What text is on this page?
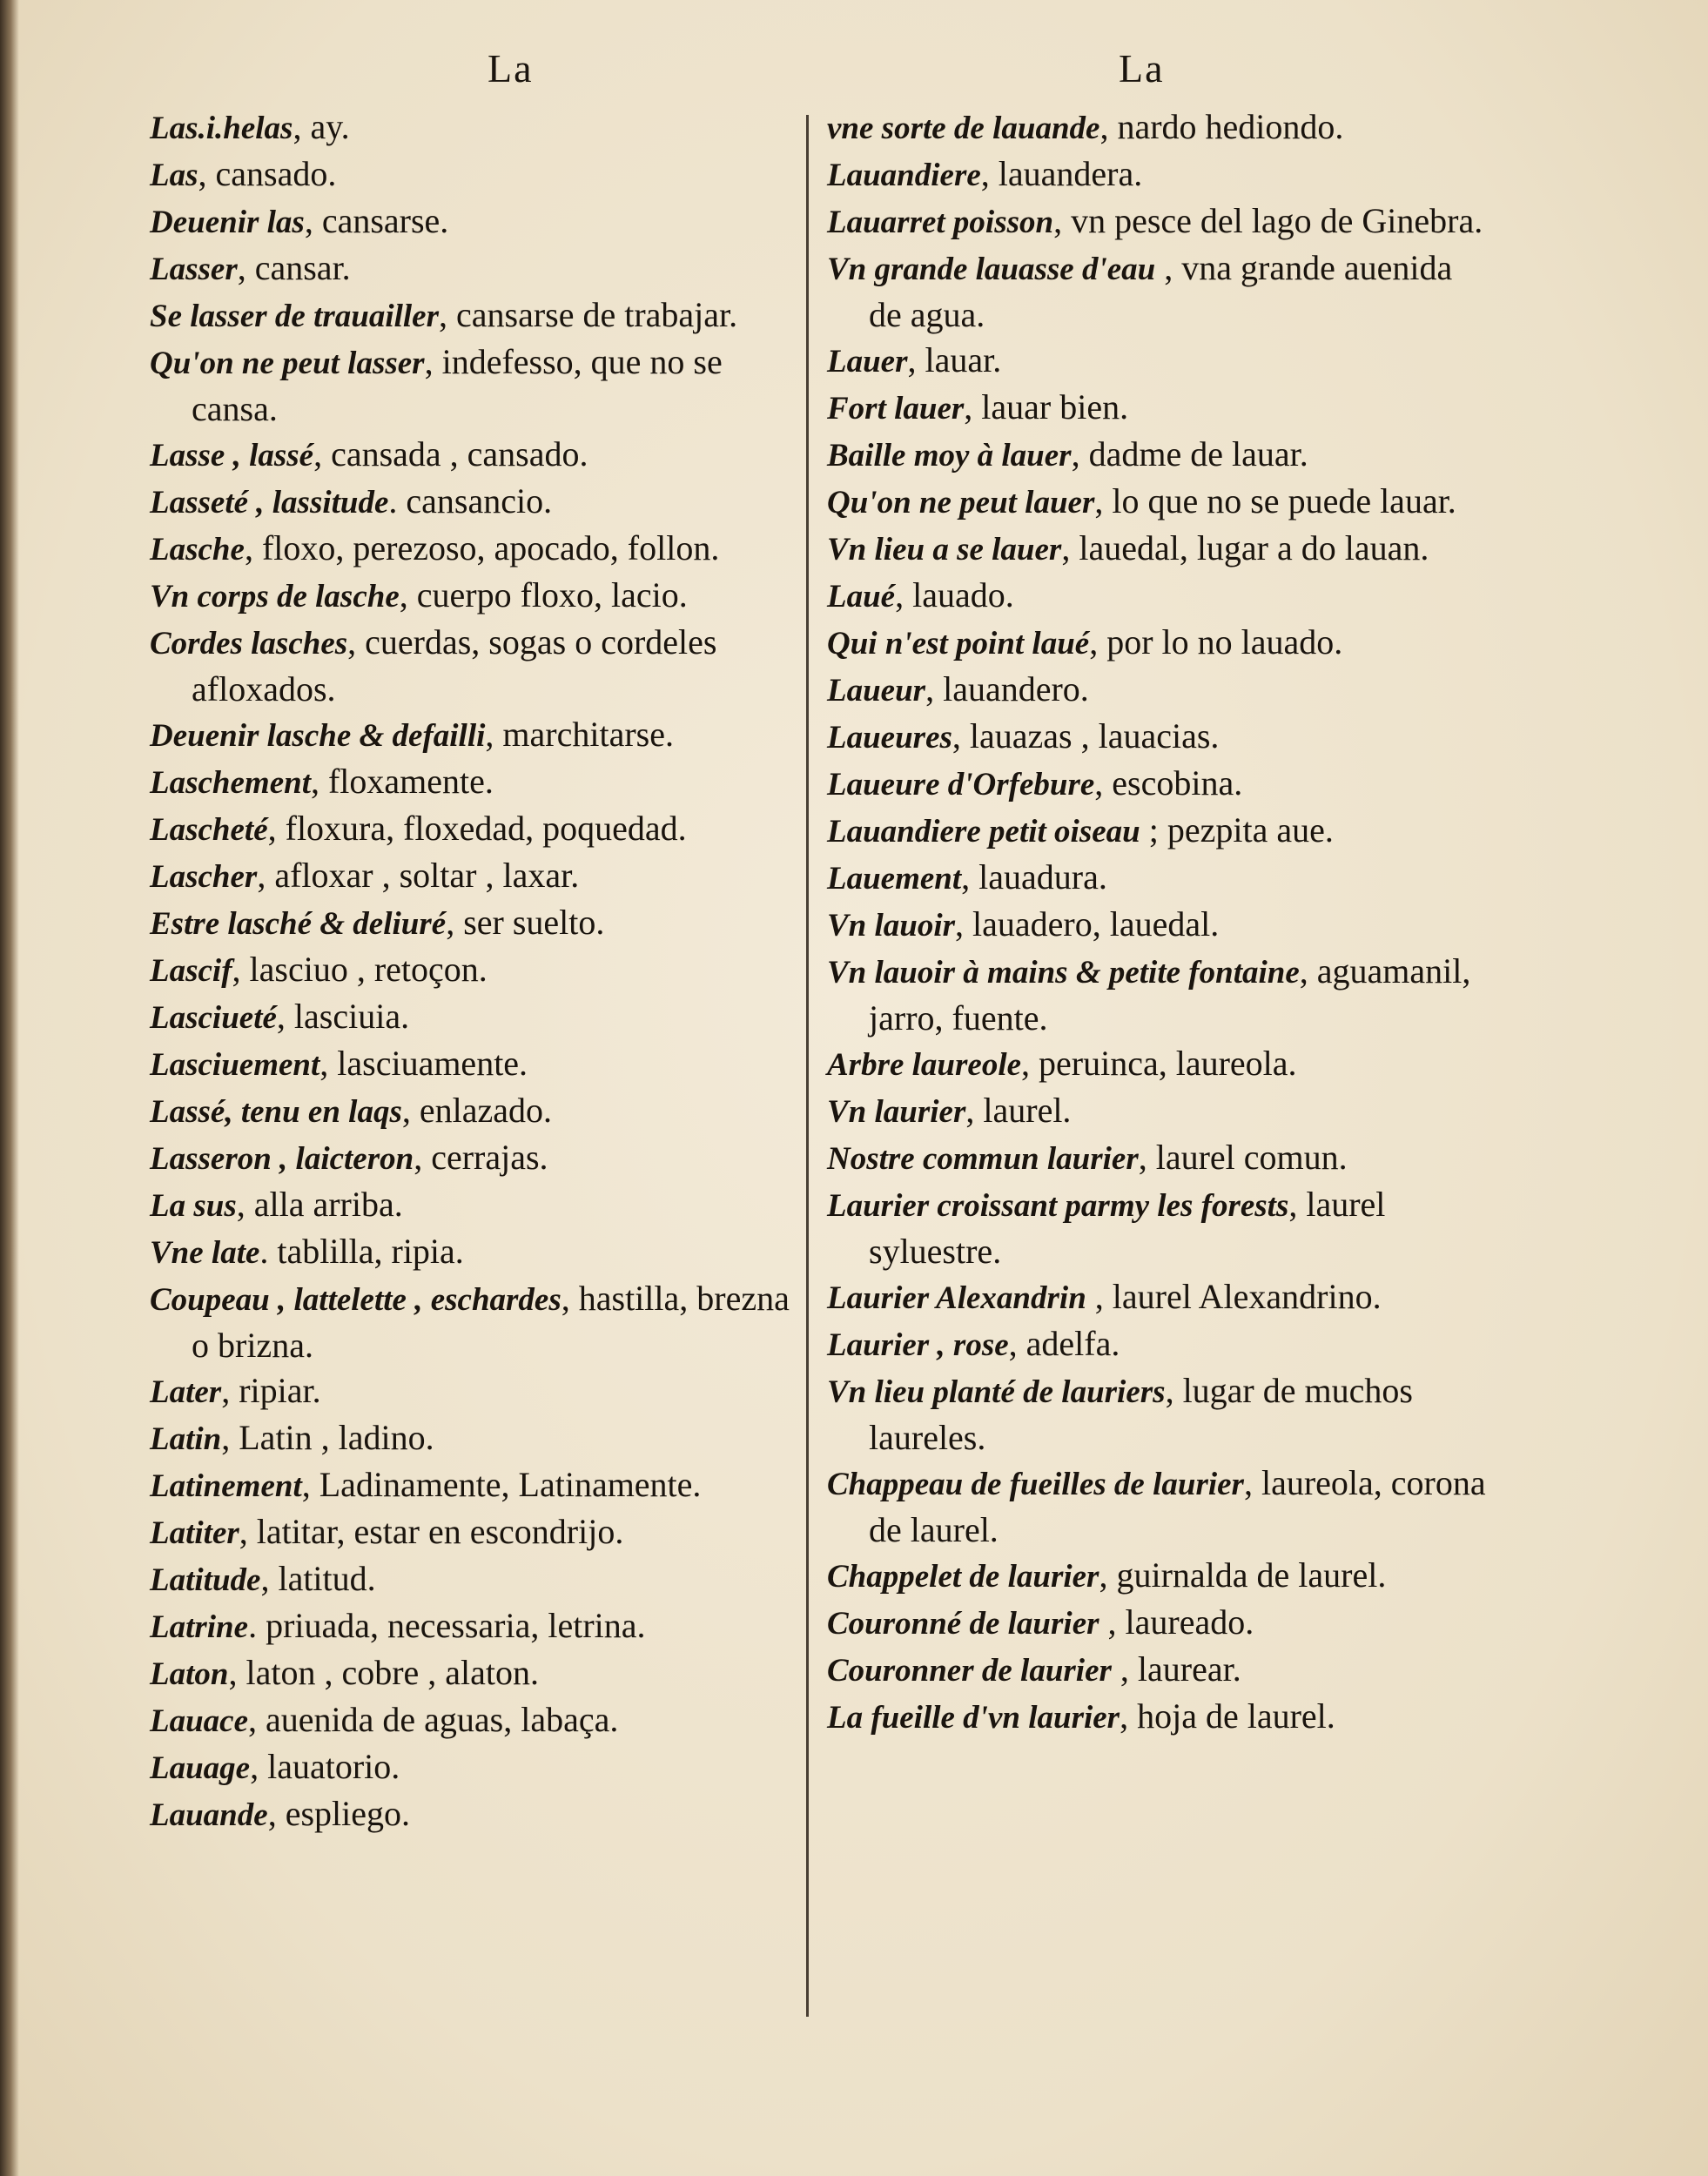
La	La
Las.i.helas, ay.
Las, cansado.
Deuenir las, cansarse.
Lasser, cansar.
Se lasser de trauailler, cansarse de trabajar.
Qu'on ne peut lasser, indefesso, que no se cansa.
Lasse , lassé, cansada , cansado.
Lasseté , lassitude. cansancio.
Lasche, floxo, perezoso, apocado, follon.
Vn corps de lasche, cuerpo floxo, lacio.
Cordes lasches, cuerdas, sogas o cordeles afloxados.
Deuenir lasche & defailli, marchitarse.
Laschement, floxamente.
Lascheté, floxura, floxedad, poquedad.
Lascher, afloxar , soltar , laxar.
Estre lasché & deliuré, ser suelto.
Lascif, lasciuo , retoçon.
Lasciueté, lasciuia.
Lasciuement, lasciuamente.
Lassé, tenu en laqs, enlazado.
Lasseron , laicteron, cerrajas.
La sus, alla arriba.
Vne late. tablilla, ripia.
Coupeau , lattelette , eschardes, hastilla, brezna o brizna.
Later, ripiar.
Latin, Latin , ladino.
Latinement, Ladinamente, Latinamente.
Latiter, latitar, estar en escondrijo.
Latitude, latitud.
Latrine. priuada, necessaria, letrina.
Laton, laton , cobre , alaton.
Lauace, auenida de aguas, labaça.
Lauage, lauatorio.
Lauande, espliego.
vne sorte de lauande, nardo hediondo.
Lauandiere, lauandera.
Lauarret poisson, vn pesce del lago de Ginebra.
Vn grande lauasse d'eau , vna grande auenida de agua.
Lauer, lauar.
Fort lauer, lauar bien.
Baille moy à lauer, dadme de lauar.
Qu'on ne peut lauer, lo que no se puede lauar.
Vn lieu a se lauer, lauedal, lugar a do lauan.
Laué, lauado.
Qui n'est point laué, por lo no lauado.
Laueur, lauandero.
Laueures, lauazas , lauacias.
Laueure d'Orfebure, escobina.
Lauandiere petit oiseau ; pezpita aue.
Lauement, lauadura.
Vn lauoir, lauadero, lauedal.
Vn lauoir à mains & petite fontaine, aguamanil, jarro, fuente.
Arbre laureole, peruinca, laureola.
Vn laurier, laurel.
Nostre commun laurier, laurel comun.
Laurier croissant parmy les forests, laurel syluestre.
Laurier Alexandrin , laurel Alexandrino.
Laurier , rose, adelfa.
Vn lieu planté de lauriers, lugar de muchos laureles.
Chappeau de fueilles de laurier, laureola, corona de laurel.
Chappelet de laurier, guirnalda de laurel.
Couronné de laurier , laureado.
Couronner de laurier , laurear.
La fueille d'vn laurier, hoja de laurel.
